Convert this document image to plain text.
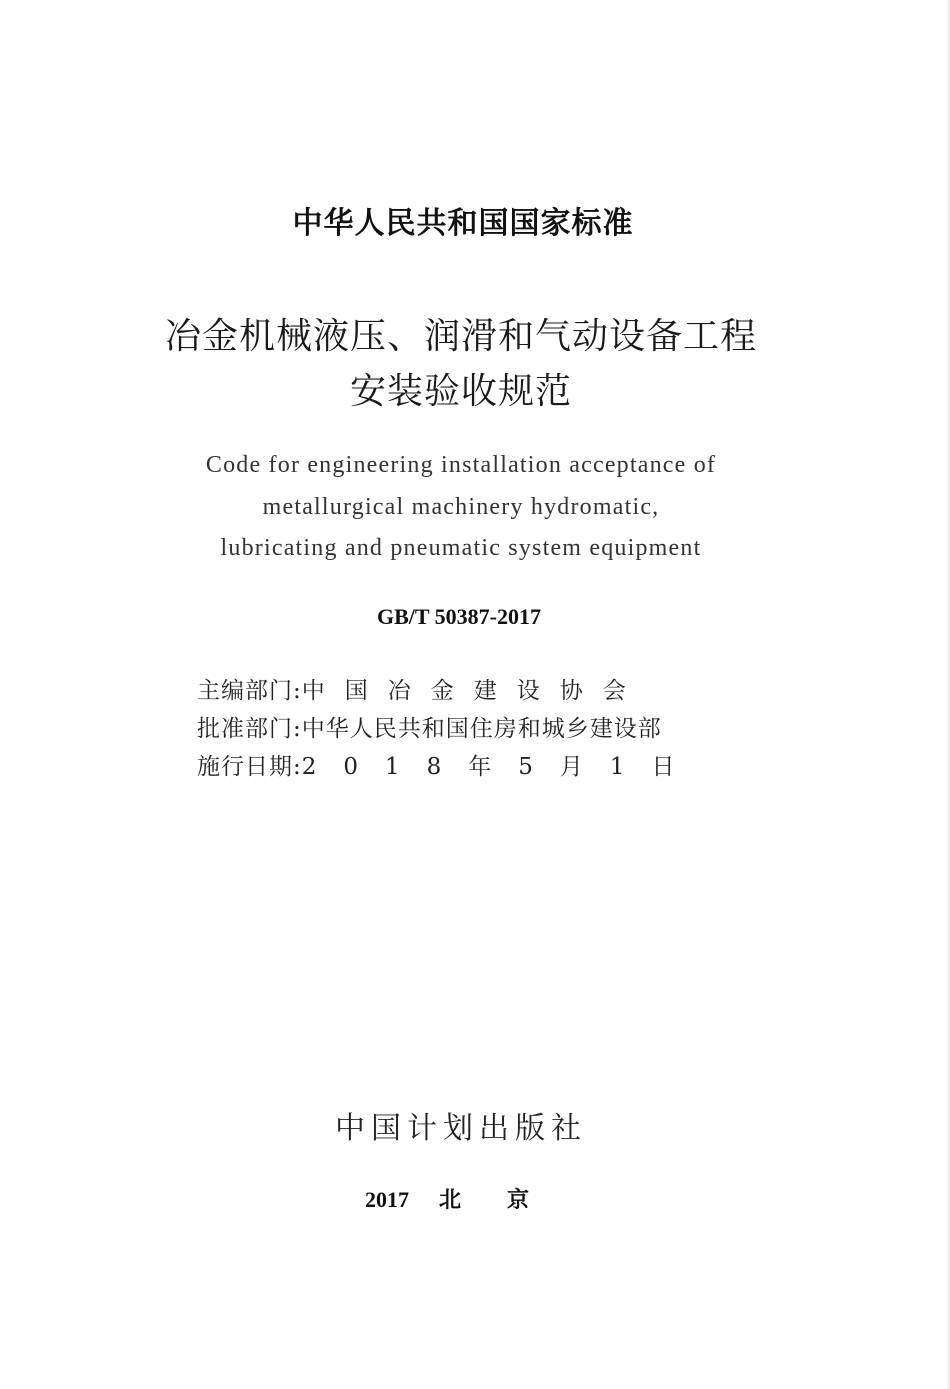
中华人民共和国国家标准
冶金机械液压、润滑和气动设备工程
安装验收规范
Code for engineering installation acceptance of
metallurgical machinery hydromatic,
lubricating and pneumatic system equipment
GB/T 50387-2017
主编部门: 中国冶金建设协会
批准部门: 中华人民共和国住房和城乡建设部
施行日期: 2018年5月1日
中国计划出版社
2017 北京
